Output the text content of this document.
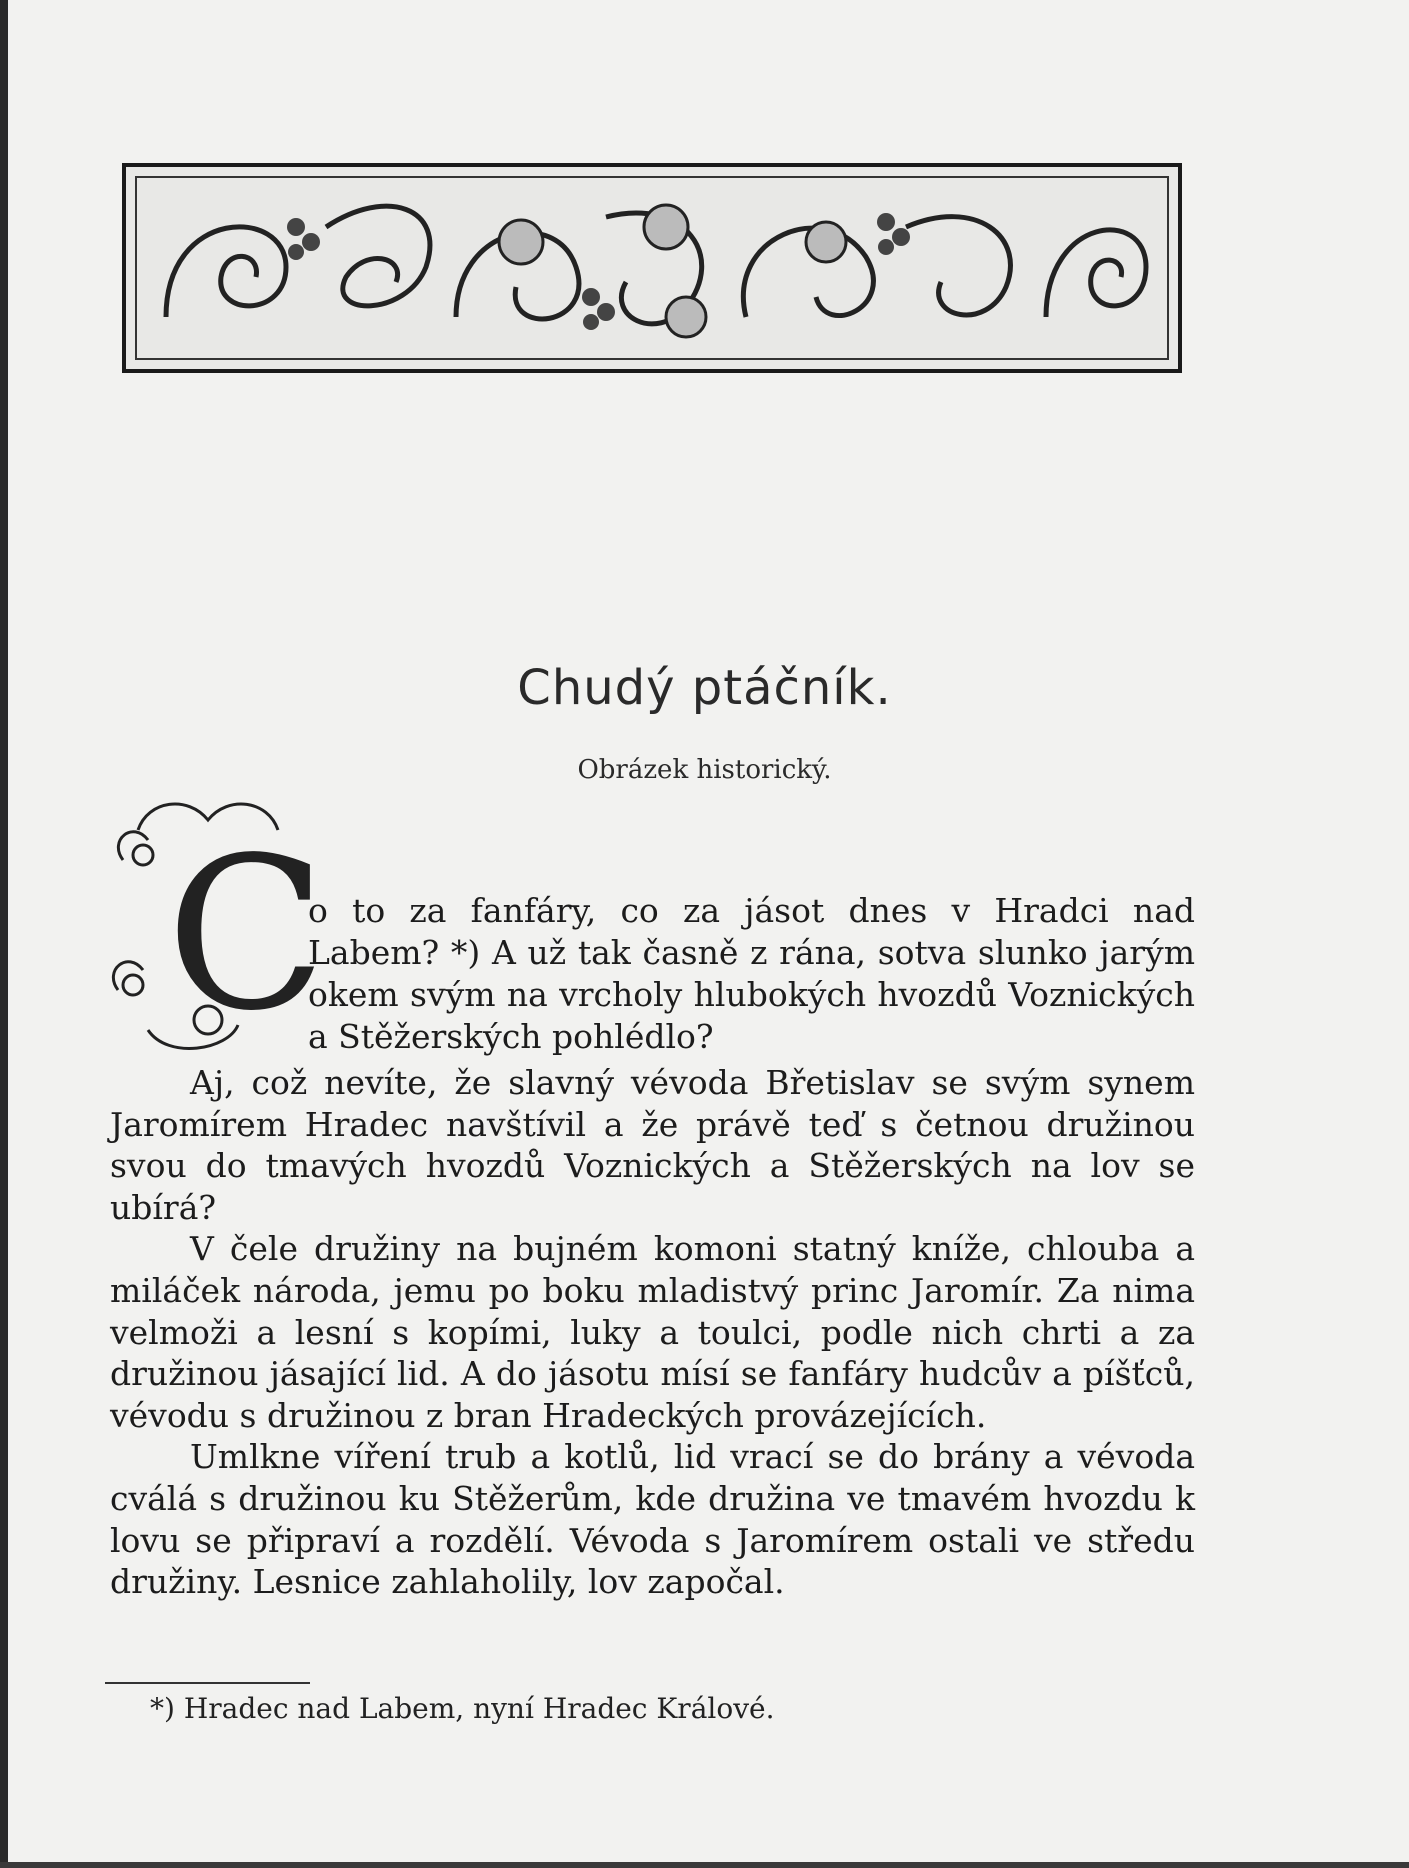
Chudý ptáčník.
Obrázek historický.
C
o to za fanfáry, co za jásot dnes v Hradci nad Labem? *) A už tak časně z rána, sotva slunko jarým okem svým na vrcholy hlubokých hvozdů Voznických a Stěžerských pohlédlo?

Aj, což nevíte, že slavný vévoda Břetislav se svým synem Jaromírem Hradec navštívil a že právě teď s četnou družinou svou do tmavých hvozdů Voznických a Stěžerských na lov se ubírá?

V čele družiny na bujném komoni statný kníže, chlouba a miláček národa, jemu po boku mladistvý princ Jaromír. Za nima velmoži a lesní s kopími, luky a toulci, podle nich chrti a za družinou jásající lid. A do jásotu mísí se fanfáry hudcův a píšťců, vévodu s družinou z bran Hradeckých provázejících.

Umlkne víření trub a kotlů, lid vrací se do brány a vévoda cválá s družinou ku Stěžerům, kde družina ve tmavém hvozdu k lovu se připraví a rozdělí. Vévoda s Jaromírem ostali ve středu družiny. Lesnice zahlaholily, lov započal.

*) Hradec nad Labem, nyní Hradec Králové.
